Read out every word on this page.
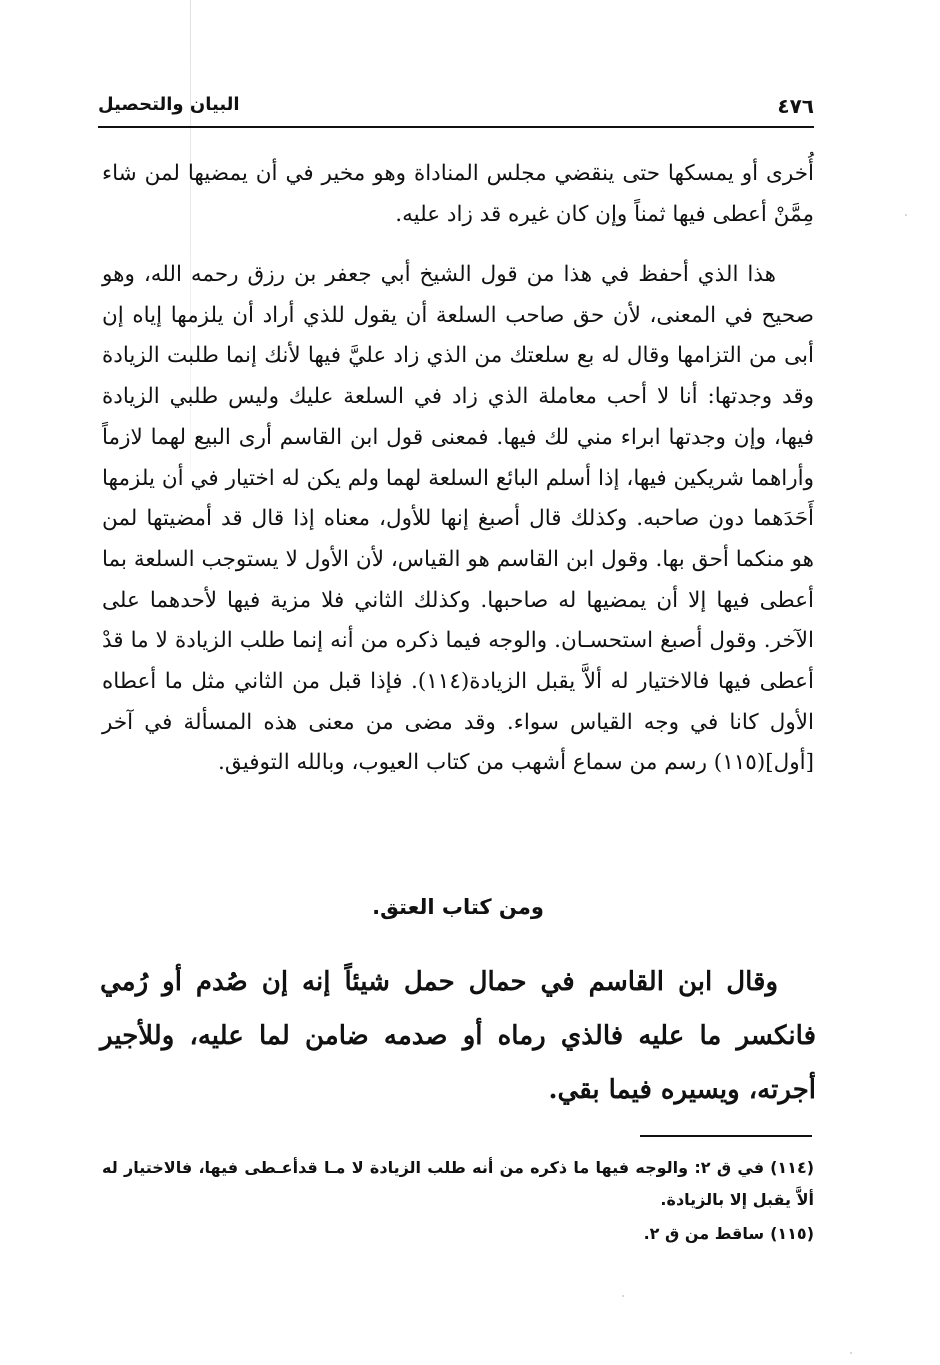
٤٧٦
البيان والتحصيل

أُخرى أو يمسكها حتى ينقضي مجلس المناداة وهو مخير في أن يمضيها لمن شاء مِمَّنْ أعطى فيها ثمناً وإن كان غيره قد زاد عليه.

هذا الذي أحفظ في هذا من قول الشيخ أبي جعفر بن رزق رحمه الله، وهو صحيح في المعنى، لأن حق صاحب السلعة أن يقول للذي أراد أن يلزمها إياه إن أبى من التزامها وقال له بع سلعتك من الذي زاد عليَّ فيها لأنك إنما طلبت الزيادة وقد وجدتها: أنا لا أحب معاملة الذي زاد في السلعة عليك وليس طلبي الزيادة فيها، وإن وجدتها ابراء مني لك فيها. فمعنى قول ابن القاسم أرى البيع لهما لازماً وأراهما شريكين فيها، إذا أسلم البائع السلعة لهما ولم يكن له اختيار في أن يلزمها أَحَدَهما دون صاحبه. وكذلك قال أصبغ إنها للأول، معناه إذا قال قد أمضيتها لمن هو منكما أحق بها. وقول ابن القاسم هو القياس، لأن الأول لا يستوجب السلعة بما أعطى فيها إلا أن يمضيها له صاحبها. وكذلك الثاني فلا مزية فيها لأحدهما على الآخر. وقول أصبغ استحسـان. والوجه فيما ذكره من أنه إنما طلب الزيادة لا ما قدْ أعطى فيها فالاختيار له ألاَّ يقبل الزيادة(١١٤). فإذا قبل من الثاني مثل ما أعطاه الأول كانا في وجه القياس سواء. وقد مضى من معنى هذه المسألة في آخر [أول](١١٥) رسم من سماع أشهب من كتاب العيوب، وبالله التوفيق.

ومن كتاب العتق.

وقال ابن القاسم في حمال حمل شيئاً إنه إن صُدم أو رُمي فانكسر ما عليه فالذي رماه أو صدمه ضامن لما عليه، وللأجير أجرته، ويسيره فيما بقي.

(١١٤)في ق ٢: والوجه فيها ما ذكره من أنه طلب الزيادة لا مـا قدأعـطى فيها، فالاختيار له ألاَّ يقبل إلا بالزيادة.

(١١٥)ساقط من ق ٢.
